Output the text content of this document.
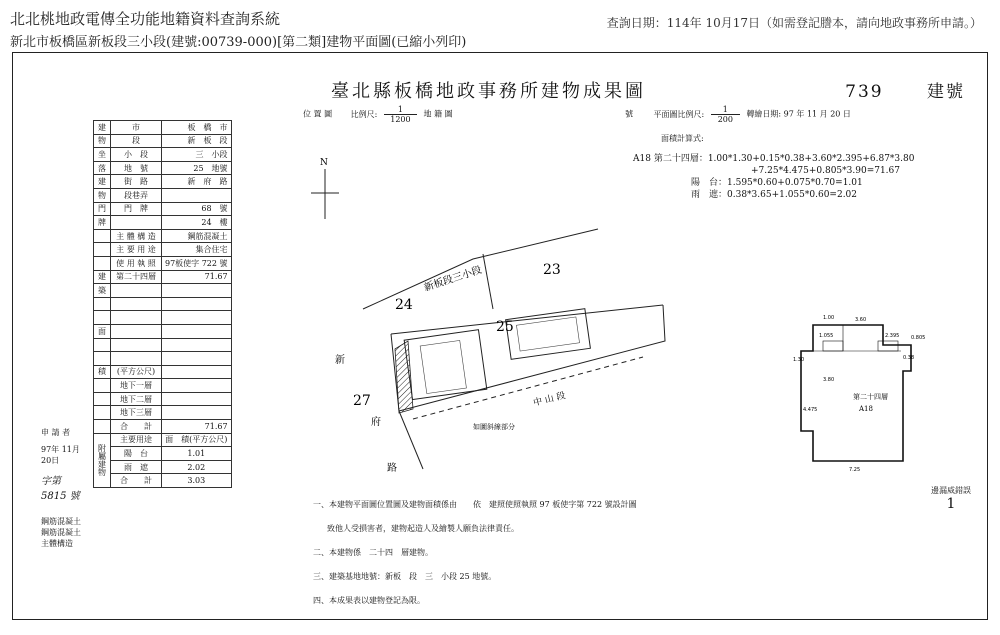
北北桃地政電傳全功能地籍資料查詢系統
新北市板橋區新板段三小段(建號:00739-000)[第二類]建物平面圖(已縮小列印)
查詢日期：114年 10月17日（如需登記謄本，請向地政事務所申請。）
臺北縣板橋地政事務所建物成果圖	739	建號
建	市	板　橋　市
物	段	新　板　段
坐	小　段	三　小段
落	地　號	25　地號
建	街　路	新　府　路
物	段巷弄	
門	門　牌	68　號
牌		24　樓
	主 體 構 造	鋼筋混凝土
	主 要 用 途	集合住宅
	使 用 執 照	97板使字 722 號
建	第二十四層	71.67
築		

面		

積	(平方公尺)	
	地下一層	
	地下二層	
	地下三層	
	合　　計	71.67
附屬建物	主要用途	面　積(平方公尺)
	陽　台	1.01
	雨　遮	2.02
	合　　計	3.03
申 請 者
97年 11月 20日
字第 5815 號
鋼筋混凝土
鋼筋混凝土
主體構造
位 置 圖 比例尺: $\frac{1}{1200}$ 地 籍 圖
N
新板段三小段	23
24
25
27
新
府
路
中 山 段
如圖斜線部分
號	平面圖比例尺: $\frac{1}{200}$ 轉繪日期: 97 年 11 月 20 日
面積計算式:
A18 第二十四層：1.00*1.30+0.15*0.38+3.60*2.395+6.87*3.80
+7.25*4.475+0.805*3.90=71.67
陽　台：1.595*0.60+0.075*0.70=1.01
雨　遮：0.38*3.65+1.055*0.60=2.02
1.00	3.60
2.395 0.805
1.055
7.25
4.475
3.80
1.30	0.38
第二十四層
A18
一、本建物平面圖位置圖及建物面積係由　　依　建照使照執照 97 板使字第 722 號設計圖
致他人受損害者，建物起造人及繪製人願負法律責任。
二、本建物係　二十四　層建物。
三、建築基地地號：新板　段　三　小段 25 地號。
四、本成果表以建物登記為限。
邊漏威錯誤
1
